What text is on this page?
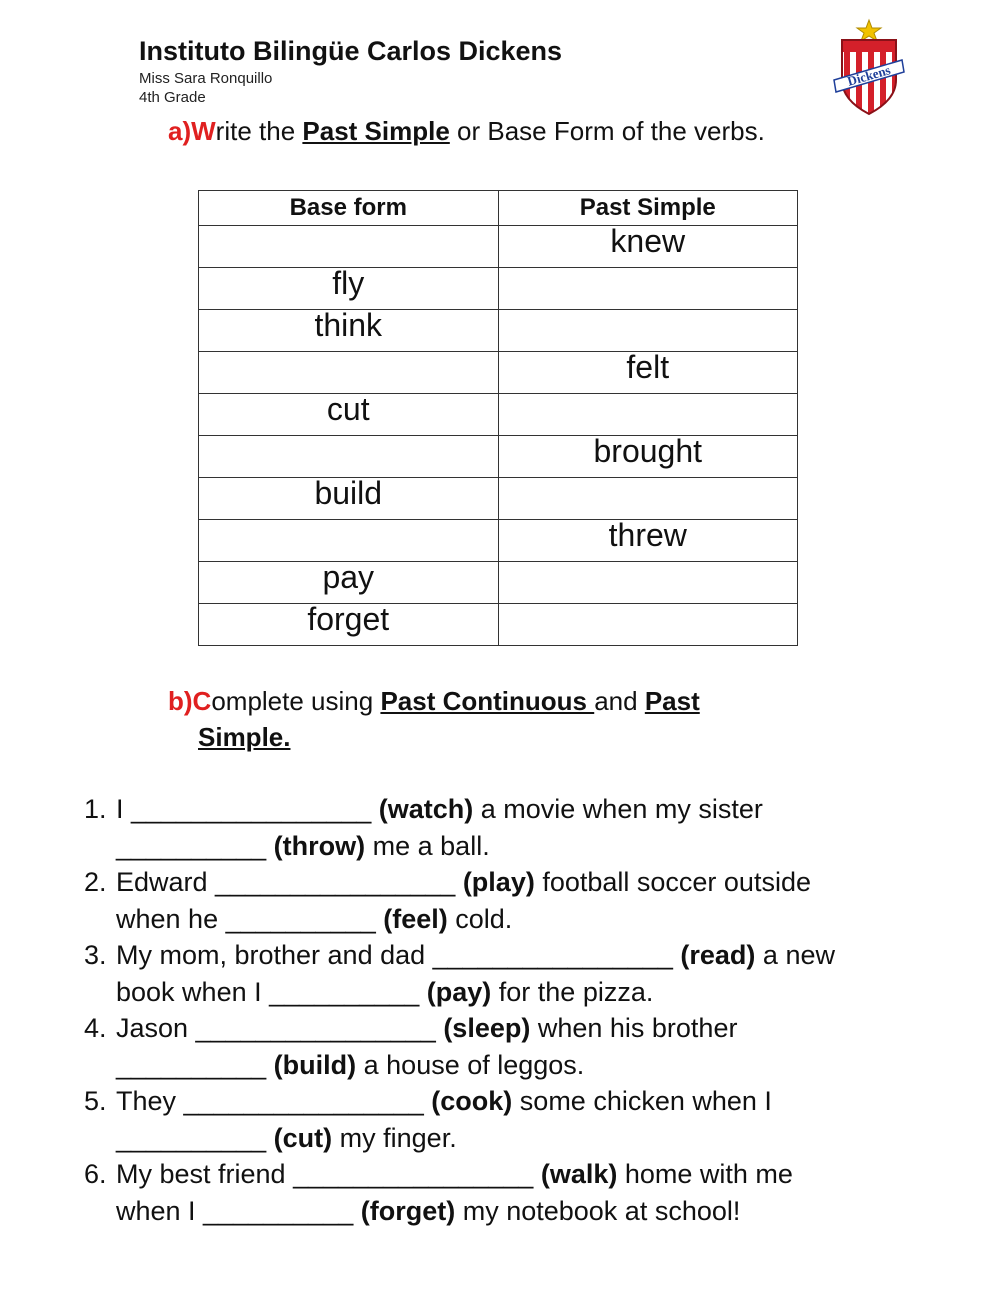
Instituto Bilingüe Carlos Dickens
Miss Sara Ronquillo
4th Grade
Dickens
a)Write the Past Simple or Base Form of the verbs.
Base form	Past Simple
	knew
fly	
think	
	felt
cut	
	brought
build	
	threw
pay	
forget	
b)Complete using Past Continuous and Past
Simple.
1. I ________________ (watch) a movie when my sister
__________ (throw) me a ball.
2. Edward ________________ (play) football soccer outside
when he __________ (feel) cold.
3. My mom, brother and dad ________________ (read) a new
book when I __________ (pay) for the pizza.
4. Jason ________________ (sleep) when his brother
__________ (build) a house of leggos.
5. They ________________ (cook) some chicken when I
__________ (cut) my finger.
6. My best friend ________________ (walk) home with me
when I __________ (forget) my notebook at school!
